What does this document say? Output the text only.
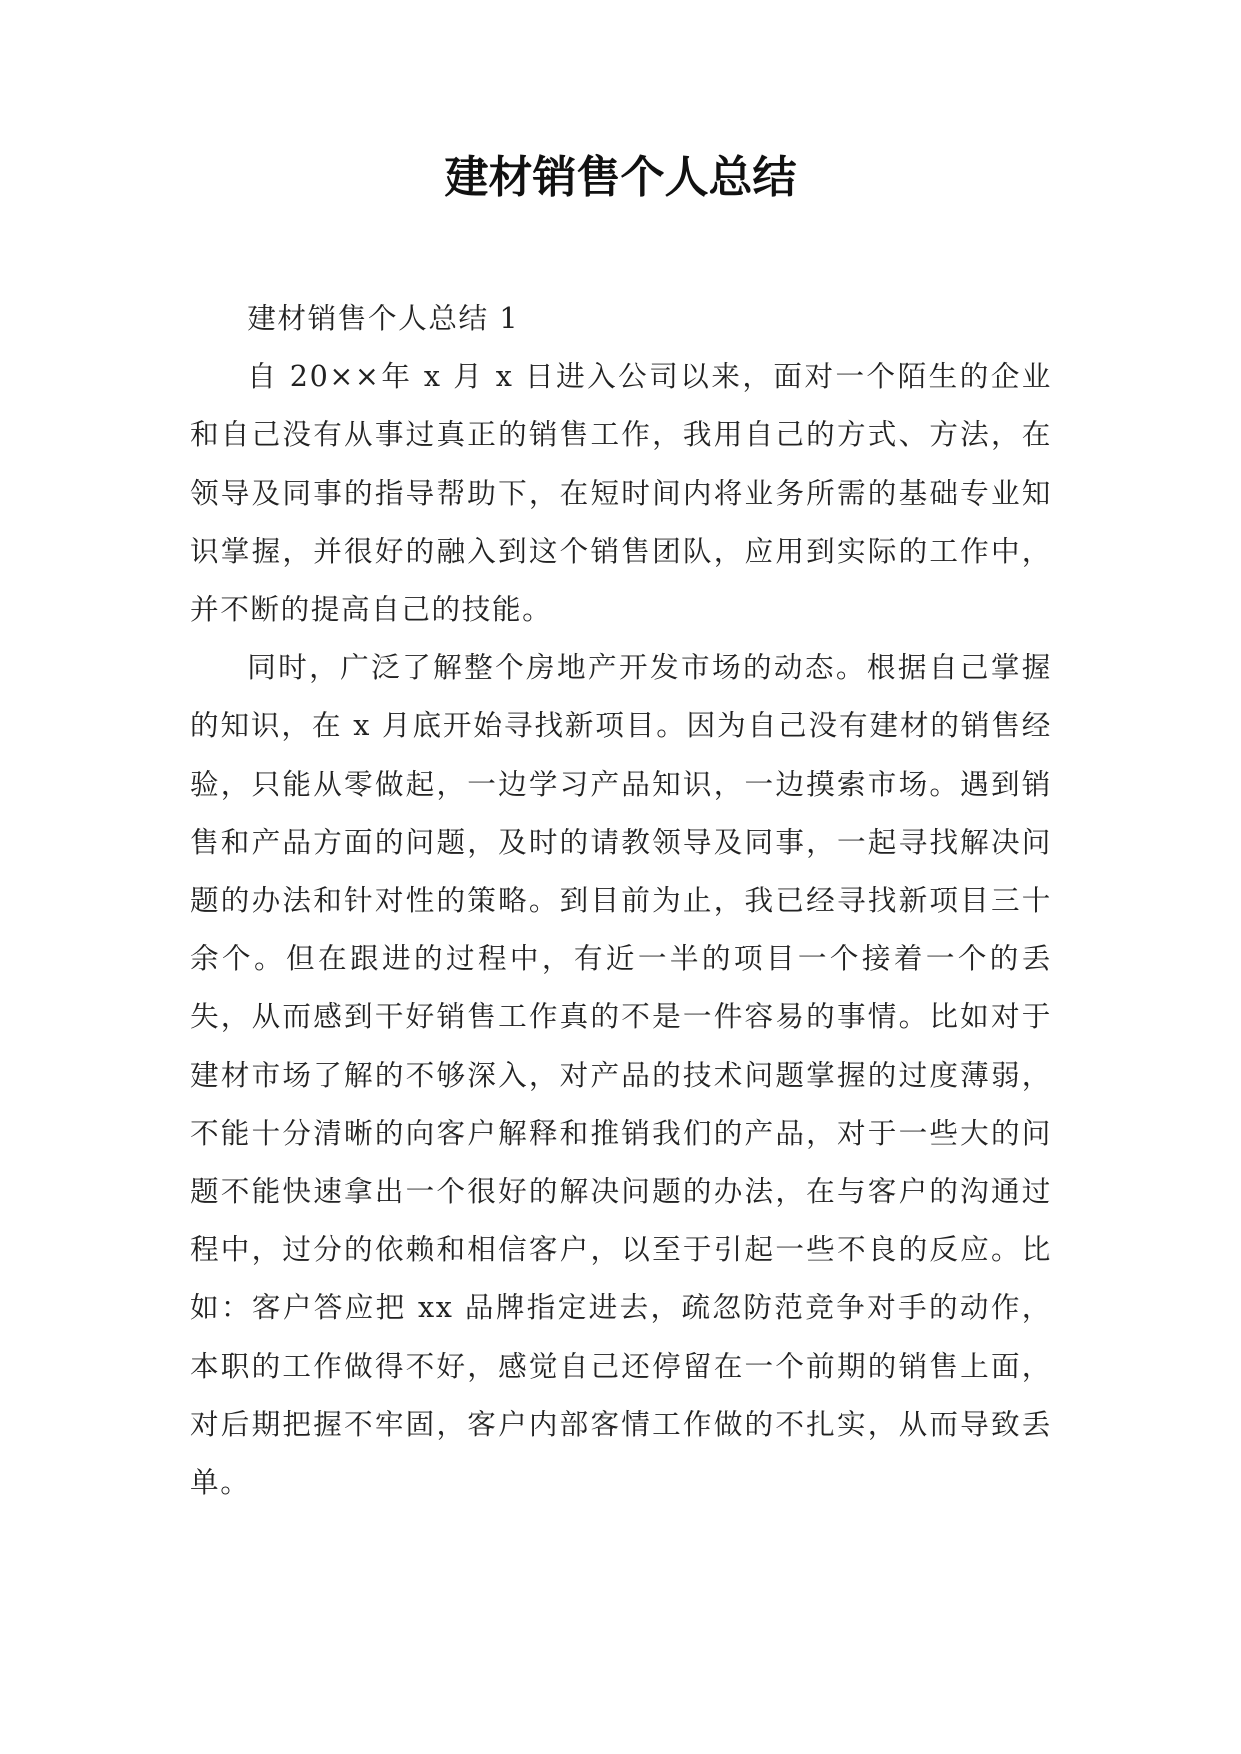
建材销售个人总结

建材销售个人总结 1

自 20××年 x 月 x 日进入公司以来，面对一个陌生的企业和自己没有从事过真正的销售工作，我用自己的方式、方法，在领导及同事的指导帮助下，在短时间内将业务所需的基础专业知识掌握，并很好的融入到这个销售团队，应用到实际的工作中，并不断的提高自己的技能。

同时，广泛了解整个房地产开发市场的动态。根据自己掌握的知识，在 x 月底开始寻找新项目。因为自己没有建材的销售经验，只能从零做起，一边学习产品知识，一边摸索市场。遇到销售和产品方面的问题，及时的请教领导及同事，一起寻找解决问题的办法和针对性的策略。到目前为止，我已经寻找新项目三十余个。但在跟进的过程中，有近一半的项目一个接着一个的丢失，从而感到干好销售工作真的不是一件容易的事情。比如对于建材市场了解的不够深入，对产品的技术问题掌握的过度薄弱，不能十分清晰的向客户解释和推销我们的产品，对于一些大的问题不能快速拿出一个很好的解决问题的办法，在与客户的沟通过程中，过分的依赖和相信客户，以至于引起一些不良的反应。比如：客户答应把 xx 品牌指定进去，疏忽防范竞争对手的动作，本职的工作做得不好，感觉自己还停留在一个前期的销售上面，对后期把握不牢固，客户内部客情工作做的不扎实，从而导致丢单。
